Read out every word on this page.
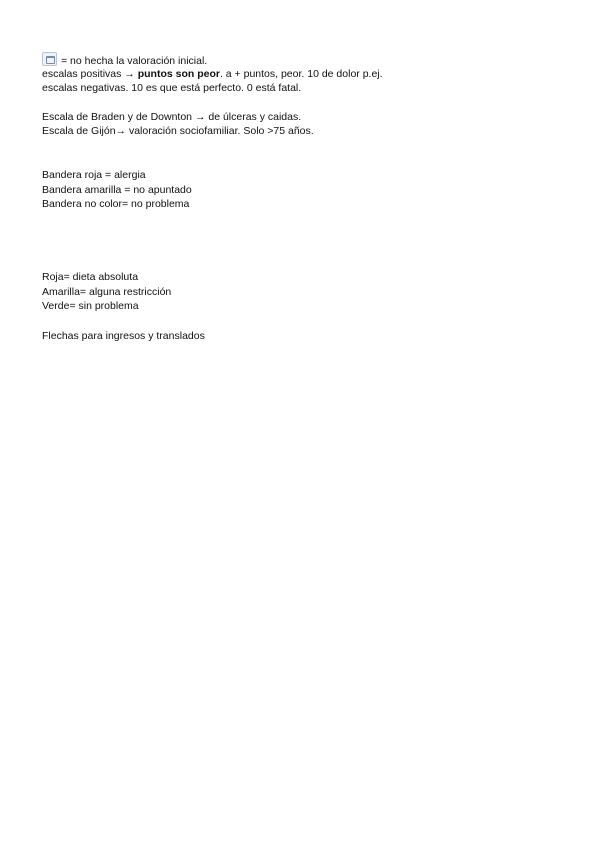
= no hecha la valoración inicial.
escalas positivas → puntos son peor. a + puntos, peor. 10 de dolor p.ej.
escalas negativas. 10 es que está perfecto. 0 está fatal.
Escala de Braden y de Downton → de úlceras y caidas.
Escala de Gijón→ valoración sociofamiliar. Solo >75 años.
Bandera roja = alergia
Bandera amarilla = no apuntado
Bandera no color= no problema
Roja= dieta absoluta
Amarilla= alguna restricción
Verde= sin problema
Flechas para ingresos y translados
